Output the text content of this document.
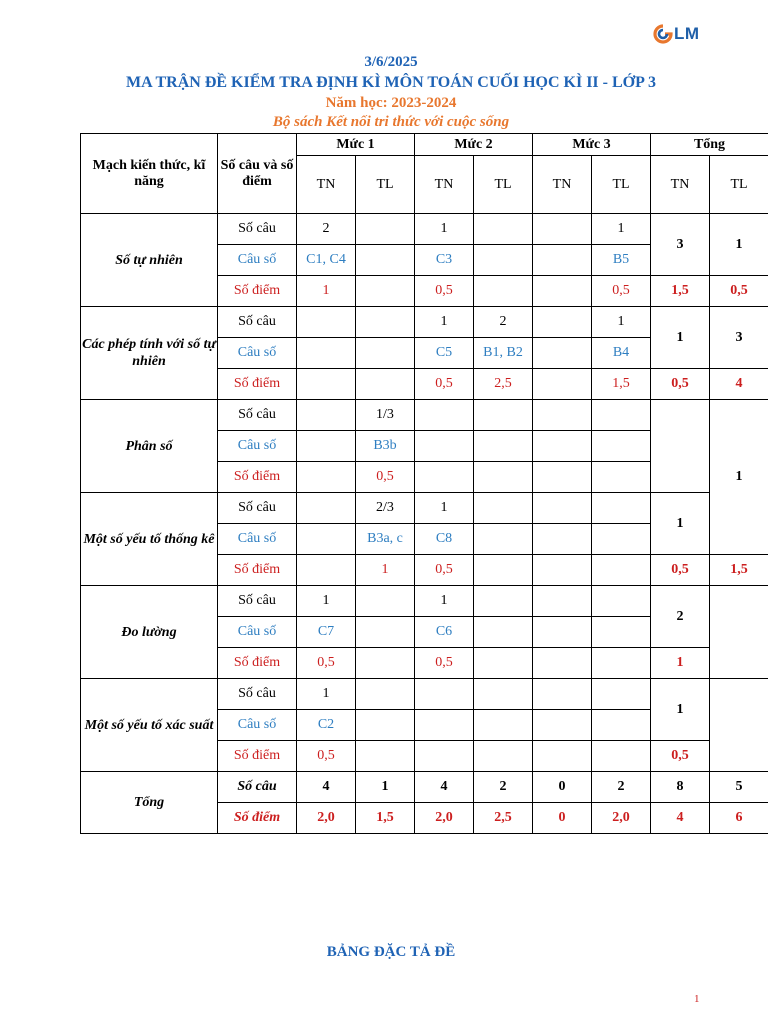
LM
3/6/2025
MA TRẬN ĐỀ KIỂM TRA ĐỊNH KÌ MÔN TOÁN CUỐI HỌC KÌ II - LỚP 3
Năm học: 2023-2024
Bộ sách Kết nối tri thức với cuộc sống
Mạch kiến thức, kĩ năng	Số câu và số điểm	Mức 1		Mức 2		Mức 3		Tổng	
		TN	TL	TN	TL	TN	TL	TN	TL
Số tự nhiên	Số câu	2		1			1	3	1
	Câu số	C1, C4		C3			B5		
	Số điểm	1		0,5			0,5	1,5	0,5
Các phép tính với số tự nhiên	Số câu			1	2		1	1	3
	Câu số			C5	B1, B2		B4		
	Số điểm			0,5	2,5		1,5	0,5	4
Phân số	Số câu		1/3						1
	Câu số		B3b						
	Số điểm		0,5						
Một số yếu tố thống kê	Số câu		2/3	1				1	
	Câu số		B3a, c	C8					
	Số điểm		1	0,5				0,5	1,5
Đo lường	Số câu	1		1				2	
	Câu số	C7		C6					
	Số điểm	0,5		0,5				1	
Một số yếu tố xác suất	Số câu	1						1	
	Câu số	C2							
	Số điểm	0,5						0,5	
Tổng	Số câu	4	1	4	2	0	2	8	5
	Số điểm	2,0	1,5	2,0	2,5	0	2,0	4	6
BẢNG ĐẶC TẢ ĐỀ
1
